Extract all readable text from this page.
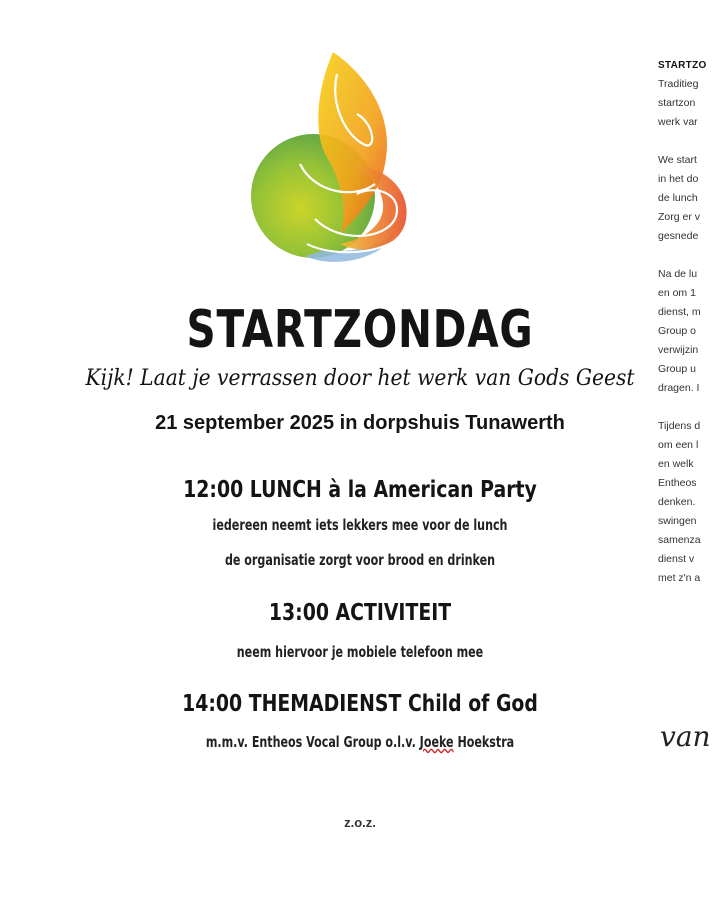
STARTZONDAG
Kijk! Laat je verrassen door het werk van Gods Geest
21 september 2025 in dorpshuis Tunawerth
12:00 LUNCH à la American Party
iedereen neemt iets lekkers mee voor de lunch
de organisatie zorgt voor brood en drinken
13:00 ACTIVITEIT
neem hiervoor je mobiele telefoon mee
14:00 THEMADIENST Child of God
m.m.v. Entheos Vocal Group o.l.v. Joeke Hoekstra
z.o.z.
STARTZO
Traditieg
startzon
werk var
We start
in het do
de lunch
Zorg er v
gesnede
Na de lu
en om 1
dienst, m
Group o
verwijzin
Group u
dragen. I
Tijdens d
om een l
en welk
Entheos
denken.
swingen
samenza
dienst v
met z'n a
van
